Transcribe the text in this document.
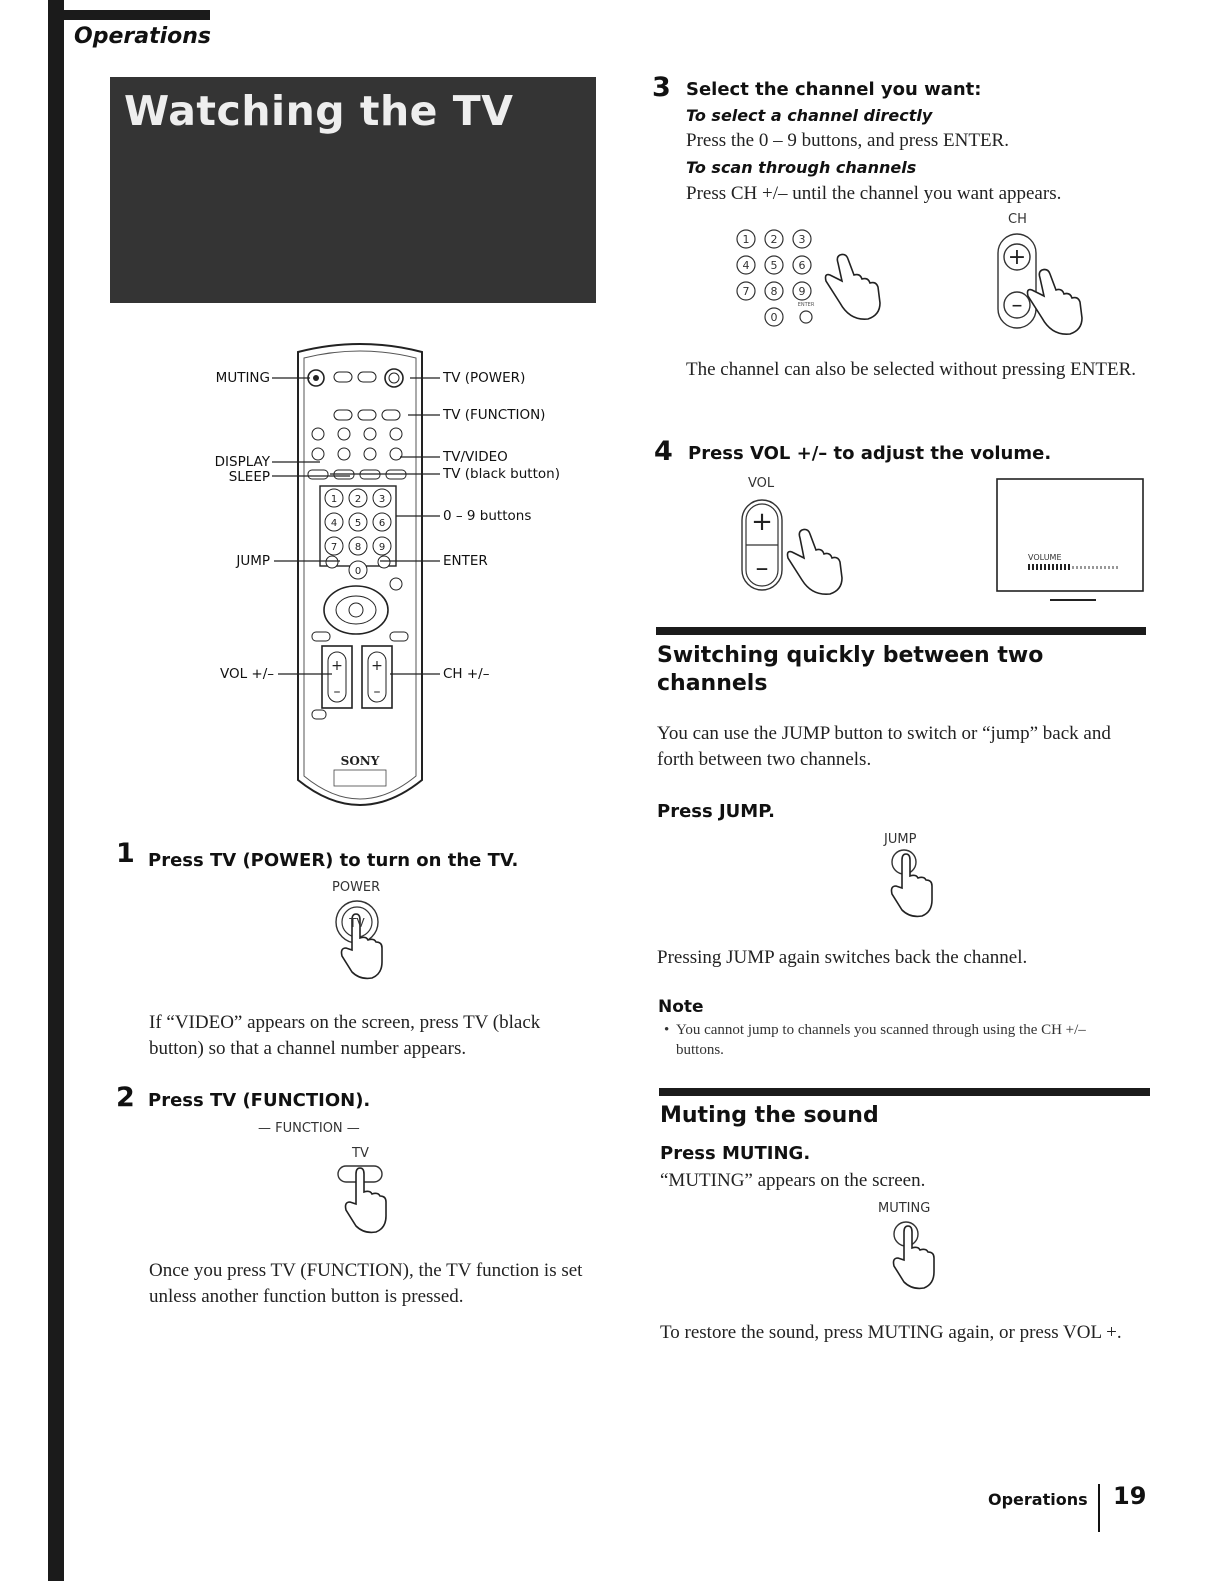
Operations
Watching the TV
1 2 3
4 5 6
7 8 9
0
+
–
+
–
SONY
MUTING
DISPLAY
SLEEP
JUMP
VOL +/–
TV (POWER)
TV (FUNCTION)
TV/VIDEO
TV (black button)
0 – 9 buttons
ENTER
CH +/–
1 Press TV (POWER) to turn on the TV.
POWER
TV
If “VIDEO” appears on the screen, press TV (black button) so that a channel number appears.
2 Press TV (FUNCTION).
— FUNCTION —
TV
Once you press TV (FUNCTION), the TV function is set unless another function button is pressed.
3 Select the channel you want:
To select a channel directly
Press the 0 – 9 buttons, and press ENTER.
To scan through channels
Press CH +/– until the channel you want appears.
CH
1 2 3
4 5 6
7 8 9
0
ENTER
+
–
The channel can also be selected without pressing ENTER.
4 Press VOL +/– to adjust the volume.
VOL
+
–	VOLUME
Switching quickly between two channels
You can use the JUMP button to switch or “jump” back and forth between two channels.
Press JUMP.
JUMP
Pressing JUMP again switches back the channel.
Note
• You cannot jump to channels you scanned through using the CH +/– buttons.
Muting the sound
Press MUTING.
“MUTING” appears on the screen.
MUTING
To restore the sound, press MUTING again, or press VOL +.
Operations 19
